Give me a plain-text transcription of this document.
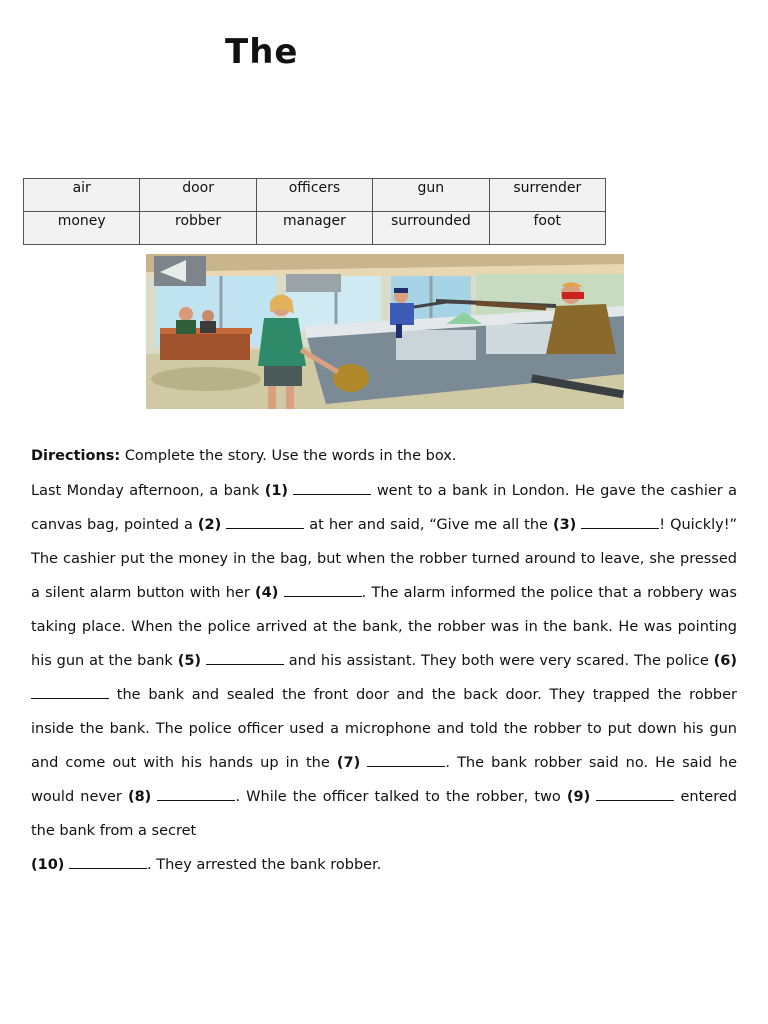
The
air	door	officers	gun	surrender
money	robber	manager	surrounded	foot
Directions: Complete the story. Use the words in the box.
Last Monday afternoon, a bank (1)	went to a bank in London. He gave the cashier a canvas bag, pointed a (2)	at her and said, “Give me all the (3)	! Quickly!” The cashier put the money in the bag, but when the robber turned around to leave, she pressed a silent alarm button with her (4)	. The alarm informed the police that a robbery was taking place. When the police arrived at the bank, the robber was in the bank. He was pointing his gun at the bank (5)	and his assistant. They both were very scared. The police (6)  the bank and sealed the front door and the back door. They trapped the robber inside the bank. The police officer used a microphone and told the robber to put down his gun and come out with his hands up in the (7)	. The bank robber said no. He said he would never (8)	. While the officer talked to the robber, two (9)	entered the bank from a secret
(10)	. They arrested the bank robber.
